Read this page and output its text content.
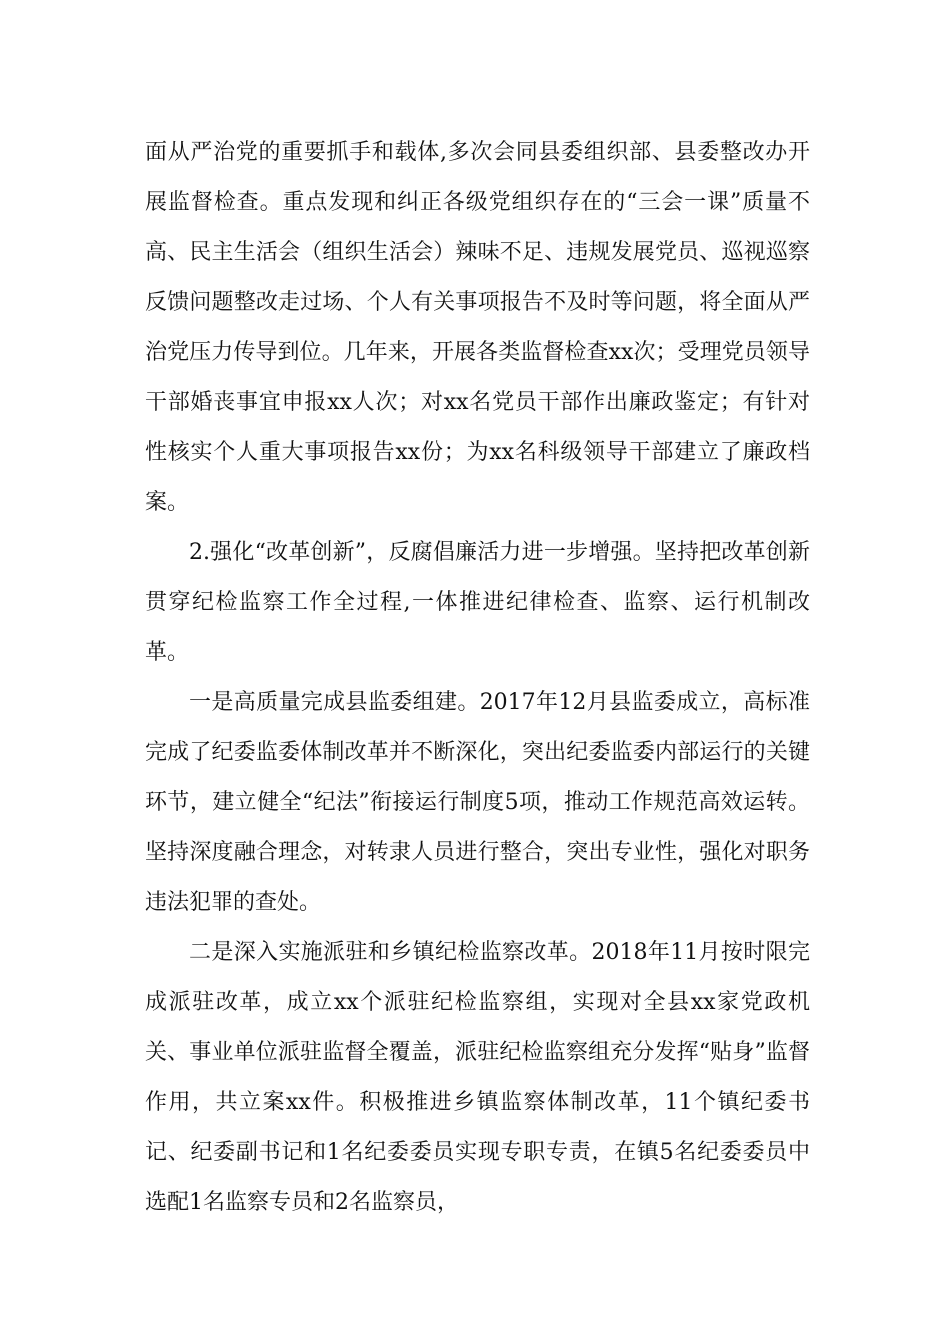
面从严治党的重要抓手和载体,多次会同县委组织部、县委整改办开展监督检查。重点发现和纠正各级党组织存在的“三会一课”质量不高、民主生活会（组织生活会）辣味不足、违规发展党员、巡视巡察反馈问题整改走过场、个人有关事项报告不及时等问题，将全面从严治党压力传导到位。几年来，开展各类监督检查xx次；受理党员领导干部婚丧事宜申报xx人次；对xx名党员干部作出廉政鉴定；有针对性核实个人重大事项报告xx份；为xx名科级领导干部建立了廉政档案。

2.强化“改革创新”，反腐倡廉活力进一步增强。坚持把改革创新贯穿纪检监察工作全过程,一体推进纪律检查、监察、运行机制改革。

一是高质量完成县监委组建。2017年12月县监委成立，高标准完成了纪委监委体制改革并不断深化，突出纪委监委内部运行的关键环节，建立健全“纪法”衔接运行制度5项，推动工作规范高效运转。坚持深度融合理念，对转隶人员进行整合，突出专业性，强化对职务违法犯罪的查处。

二是深入实施派驻和乡镇纪检监察改革。2018年11月按时限完成派驻改革，成立xx个派驻纪检监察组，实现对全县xx家党政机关、事业单位派驻监督全覆盖，派驻纪检监察组充分发挥“贴身”监督作用，共立案xx件。积极推进乡镇监察体制改革，11个镇纪委书记、纪委副书记和1名纪委委员实现专职专责，在镇5名纪委委员中选配1名监察专员和2名监察员，
